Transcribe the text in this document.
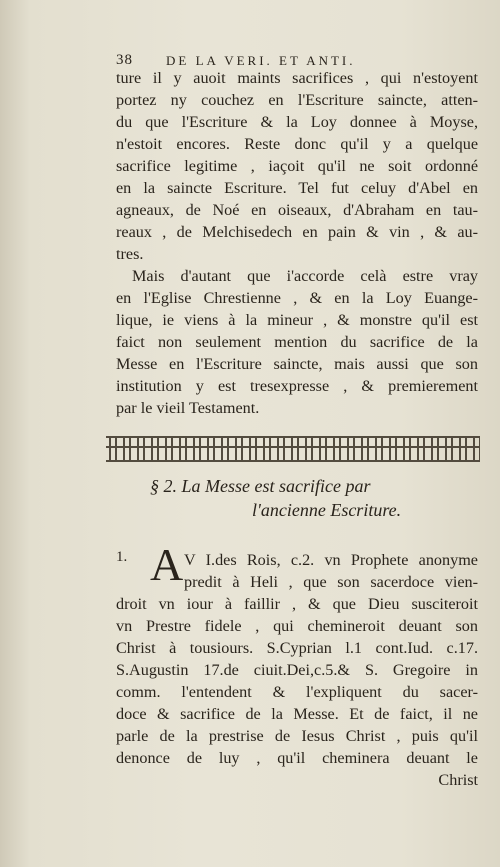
38	DE LA VERI. ET ANTI.
ture il y auoit maints sacrifices , qui n'estoyent
portez ny couchez en l'Escriture saincte, atten-
du que l'Escriture & la Loy donnee à Moyse,
n'estoit encores. Reste donc qu'il y a quelque
sacrifice legitime , iaçoit qu'il ne soit ordonné
en la saincte Escriture. Tel fut celuy d'Abel en
agneaux, de Noé en oiseaux, d'Abraham en tau-
reaux , de Melchisedech en pain & vin , & au-
tres.
Mais d'autant que i'accorde celà estre vray
en l'Eglise Chrestienne , & en la Loy Euange-
lique, ie viens à la mineur , & monstre qu'il est
faict non seulement mention du sacrifice de la
Messe en l'Escriture saincte, mais aussi que son
institution y est tresexpresse , & premierement
par le vieil Testament.
§ 2. La Messe est sacrifice par
l'ancienne Escriture.
1. A V I.des Rois, c.2. vn Prophete anonyme
predit à Heli , que son sacerdoce vien-
droit vn iour à faillir , & que Dieu susciteroit
vn Prestre fidele , qui chemineroit deuant son
Christ à tousiours. S.Cyprian l.1 cont.Iud. c.17.
S.Augustin 17.de ciuit.Dei,c.5.& S. Gregoire in
comm. l'entendent & l'expliquent du sacer-
doce & sacrifice de la Messe. Et de faict, il ne
parle de la prestrise de Iesus Christ , puis qu'il
denonce de luy , qu'il cheminera deuant le
Christ
